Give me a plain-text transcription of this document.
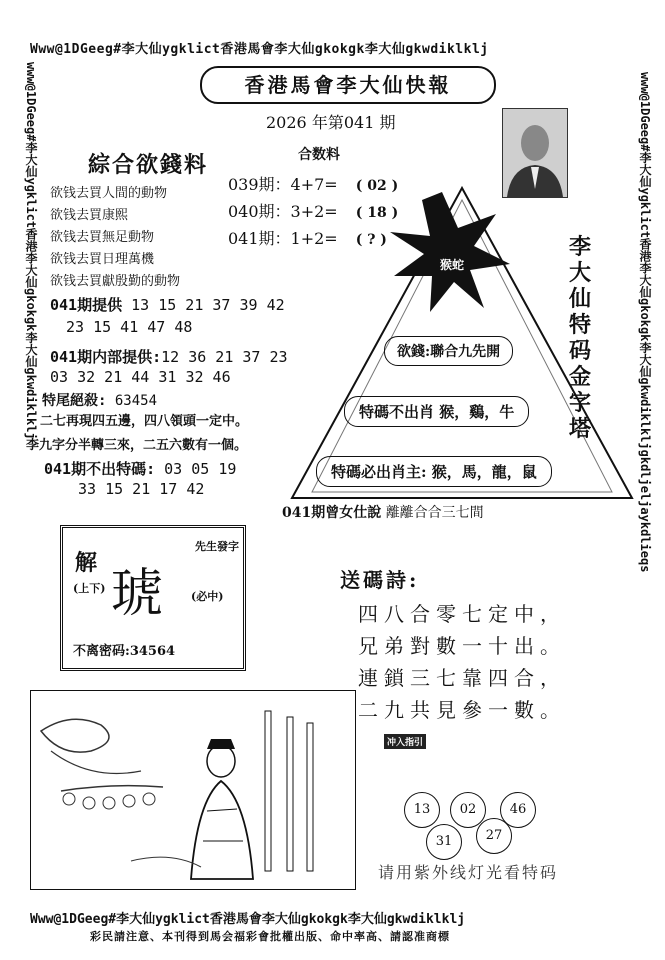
Www@1DGeeg#李大仙ygklict香港馬會李大仙gkokgk李大仙gkwdiklklj
www@1DGeeg#李大仙ygklict香港李大仙gkokgk李大仙gkwdiklklj	www@1DGeeg#李大仙ygklict香港李大仙gkokgk李大仙gkwdiklkljgkdljeljaykdlieqs
香港馬會李大仙快報
2026 年第041 期
合数料
綜合欲錢料
欲钱去買人間的動物
欲钱去買康熙
欲钱去買無足動物
欲钱去買日理萬機
欲钱去買獻殷勤的動物
039期：4+7= ( 02 )
040期：3+2= ( 18 )
041期：1+2= ( ? )
猴蛇
李大仙特码金字塔
欲錢:聯合九先開
特碼不出肖 猴，鷄，牛
特碼必出肖主: 猴，馬，龍，鼠
041期提供 13 15 21 37 39 42
23 15 41 47 48
041期内部提供:12 36 21 37 23
03 32 21 44 31 32 46
特尾絕殺: 63454
二七再現四五邊，四八領頭一定中。
李九字分半轉三來，二五六數有一個。
041期不出特碼: 03 05 19
33 15 21 17 42
041期曾女仕說 離離合合三七間
解
(上下) 琥
先生發字
(必中)
不离密码:34564
送碼詩:
四八合零七定中，
兄弟對數一十出。
連鎖三七靠四合，
二九共見參一數。
冲入指引
13	02	46
31	27
请用紫外线灯光看特码
Www@1DGeeg#李大仙ygklict香港馬會李大仙gkokgk李大仙gkwdiklklj
彩民請注意、本刊得到馬会福彩會批權出版、命中率高、請認准商標
